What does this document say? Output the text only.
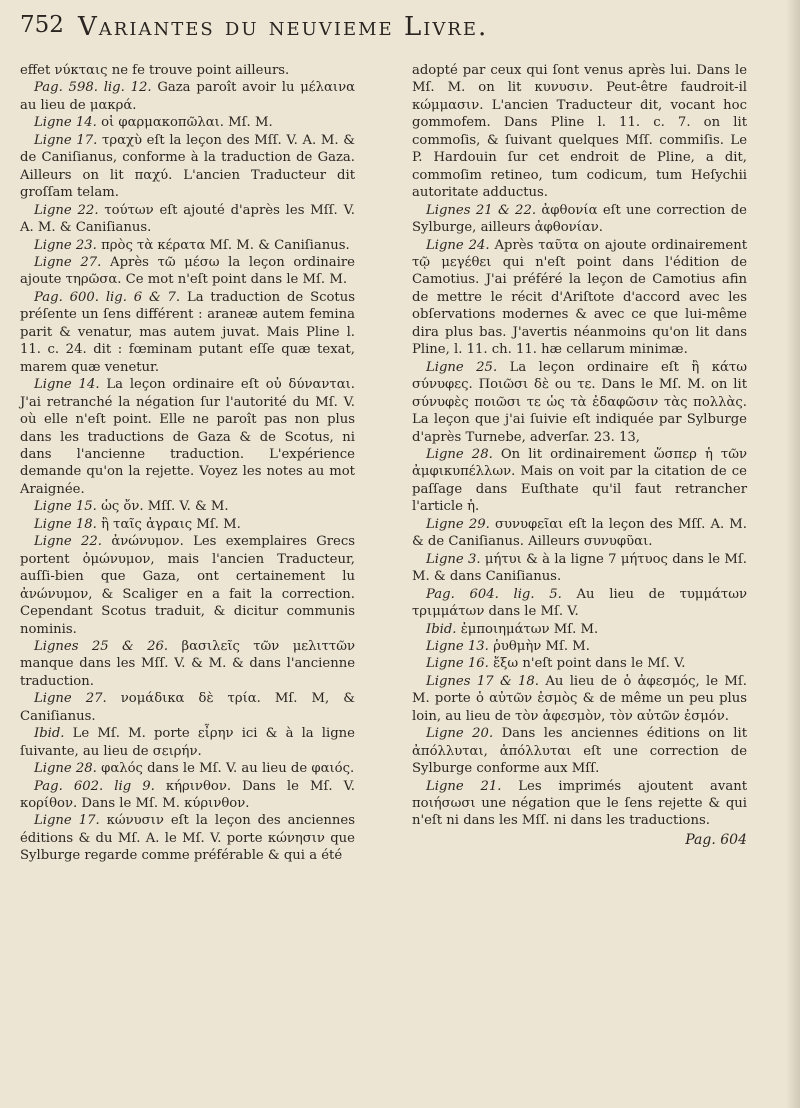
752 Variantes du neuvieme Livre.

effet νύκταις ne fe trouve point ailleurs.

Pag. 598. lig. 12. Gaza paroît avoir lu μέλαινα au lieu de μακρά.

Ligne 14. οἱ φαρμακοπῶλαι. Mſ. M.

Ligne 17. τραχὺ eſt la leçon des Mſſ. V. A. M. & de Caniſianus, conforme à la traduction de Gaza. Ailleurs on lit παχύ. L'ancien Traducteur dit groſſam telam.

Ligne 22. τούτων eſt ajouté d'après les Mſſ. V. A. M. & Caniſianus.

Ligne 23. πρὸς τὰ κέρατα Mſ. M. & Caniſianus.

Ligne 27. Après τῶ μέσω la leçon ordinaire ajoute τηρῶσα. Ce mot n'eſt point dans le Mſ. M.

Pag. 600. lig. 6 & 7. La traduction de Scotus préſente un ſens différent : araneæ autem femina parit & venatur, mas autem juvat. Mais Pline l. 11. c. 24. dit : fœminam putant eſſe quæ texat, marem quæ venetur.

Ligne 14. La leçon ordinaire eſt οὐ δύνανται. J'ai retranché la négation ſur l'autorité du Mſ. V. où elle n'eſt point. Elle ne paroît pas non plus dans les traductions de Gaza & de Scotus, ni dans l'ancienne traduction. L'expérience demande qu'on la rejette. Voyez les notes au mot Araignée.

Ligne 15. ὡς ὄν. Mſſ. V. & M.

Ligne 18. ἢ ταῖς ἀγραις Mſ. M.

Ligne 22. ἀνώνυμον. Les exemplaires Grecs portent ὁμώνυμον, mais l'ancien Traducteur, auſſi-bien que Gaza, ont certainement lu ἀνώνυμον, & Scaliger en a fait la correction. Cependant Scotus traduit, & dicitur communis nominis.

Lignes 25 & 26. βασιλεῖς τῶν μελιττῶν manque dans les Mſſ. V. & M. & dans l'ancienne traduction.

Ligne 27. νομάδικα δὲ τρία. Mſ. M, & Caniſianus.

Ibid. Le Mſ. M. porte εἶρην ici & à la ligne ſuivante, au lieu de σειρήν.

Ligne 28. φαλός dans le Mſ. V. au lieu de φαιός.

Pag. 602. lig 9. κήρινθον. Dans le Mſ. V. κορίθον. Dans le Mſ. M. κύρινθον.

Ligne 17. κώνυσιν eſt la leçon des anciennes éditions & du Mſ. A. le Mſ. V. porte κώνησιν que Sylburge regarde comme préférable & qui a été

adopté par ceux qui ſont venus après lui. Dans le Mſ. M. on lit κυνυσιν. Peut-être faudroit-il κώμμασιν. L'ancien Traducteur dit, vocant hoc gommofem. Dans Pline l. 11. c. 7. on lit commoſis, & ſuivant quelques Mſſ. commiſis. Le P. Hardouin ſur cet endroit de Pline, a dit, commoſim retineo, tum codicum, tum Heſychii autoritate adductus.

Lignes 21 & 22. ἀφθονία eſt une correction de Sylburge, ailleurs ἀφθονίαν.

Ligne 24. Après ταῦτα on ajoute ordinairement τῷ μεγέθει qui n'eſt point dans l'édition de Camotius. J'ai préféré la leçon de Camotius afin de mettre le récit d'Ariſtote d'accord avec les obſervations modernes & avec ce que lui-même dira plus bas. J'avertis néanmoins qu'on lit dans Pline, l. 11. ch. 11. hæ cellarum minimæ.

Ligne 25. La leçon ordinaire eſt ἢ κάτω σύνυφες. Ποιῶσι δὲ ou τε. Dans le Mſ. M. on lit σύνυφὲς ποιῶσι τε ὡς τὰ ἐδαφῶσιν τὰς πολλὰς. La leçon que j'ai ſuivie eſt indiquée par Sylburge d'après Turnebe, adverſar. 23. 13,

Ligne 28. On lit ordinairement ὥσπερ ἡ τῶν ἀμφικυπέλλων. Mais on voit par la citation de ce paſſage dans Euſthate qu'il faut retrancher l'article ἡ.

Ligne 29. συνυφεῖαι eſt la leçon des Mſſ. A. M. & de Caniſianus. Ailleurs συνυφῦαι.

Ligne 3. μήτυι & à la ligne 7 μήτυος dans le Mſ. M. & dans Caniſianus.

Pag. 604. lig. 5. Au lieu de τυμμάτων τριμμάτων dans le Mſ. V.

Ibid. ἐμποιημάτων Mſ. M.

Ligne 13. ῥυθμὴν Mſ. M.

Ligne 16. ἔξω n'eſt point dans le Mſ. V.

Lignes 17 & 18. Au lieu de ὁ ἀφεσμός, le Mſ. M. porte ὁ αὐτῶν ἐσμὸς & de même un peu plus loin, au lieu de τὸν ἀφεσμὸν, τὸν αὐτῶν ἐσμόν.

Ligne 20. Dans les anciennes éditions on lit ἀπόλλυται, ἀπόλλυται eſt une correction de Sylburge conforme aux Mſſ.

Ligne 21. Les imprimés ajoutent avant ποιήσωσι une négation que le ſens rejette & qui n'eſt ni dans les Mſſ. ni dans les traductions.

Pag. 604
